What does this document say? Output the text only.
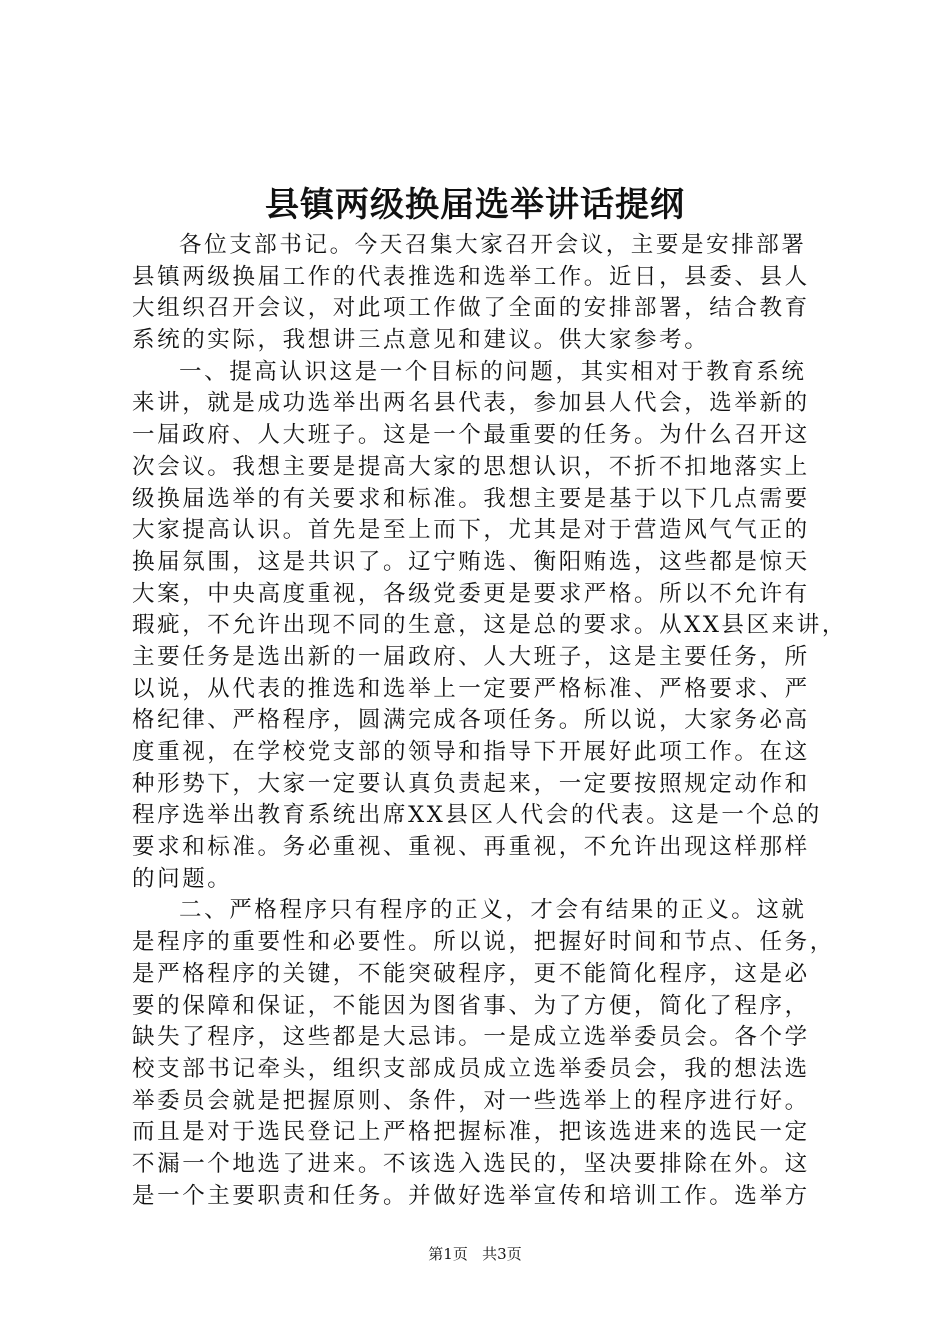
县镇两级换届选举讲话提纲
各位支部书记。今天召集大家召开会议，主要是安排部署
县镇两级换届工作的代表推选和选举工作。近日，县委、县人
大组织召开会议，对此项工作做了全面的安排部署，结合教育
系统的实际，我想讲三点意见和建议。供大家参考。
一、提高认识这是一个目标的问题，其实相对于教育系统
来讲，就是成功选举出两名县代表，参加县人代会，选举新的
一届政府、人大班子。这是一个最重要的任务。为什么召开这
次会议。我想主要是提高大家的思想认识，不折不扣地落实上
级换届选举的有关要求和标准。我想主要是基于以下几点需要
大家提高认识。首先是至上而下，尤其是对于营造风气气正的
换届氛围，这是共识了。辽宁贿选、衡阳贿选，这些都是惊天
大案，中央高度重视，各级党委更是要求严格。所以不允许有
瑕疵，不允许出现不同的生意，这是总的要求。从XX县区来讲，
主要任务是选出新的一届政府、人大班子，这是主要任务，所
以说，从代表的推选和选举上一定要严格标准、严格要求、严
格纪律、严格程序，圆满完成各项任务。所以说，大家务必高
度重视，在学校党支部的领导和指导下开展好此项工作。在这
种形势下，大家一定要认真负责起来，一定要按照规定动作和
程序选举出教育系统出席XX县区人代会的代表。这是一个总的
要求和标准。务必重视、重视、再重视，不允许出现这样那样
的问题。
二、严格程序只有程序的正义，才会有结果的正义。这就
是程序的重要性和必要性。所以说，把握好时间和节点、任务，
是严格程序的关键，不能突破程序，更不能简化程序，这是必
要的保障和保证，不能因为图省事、为了方便，简化了程序，
缺失了程序，这些都是大忌讳。一是成立选举委员会。各个学
校支部书记牵头，组织支部成员成立选举委员会，我的想法选
举委员会就是把握原则、条件，对一些选举上的程序进行好。
而且是对于选民登记上严格把握标准，把该选进来的选民一定
不漏一个地选了进来。不该选入选民的，坚决要排除在外。这
是一个主要职责和任务。并做好选举宣传和培训工作。选举方
第1页 共3页
